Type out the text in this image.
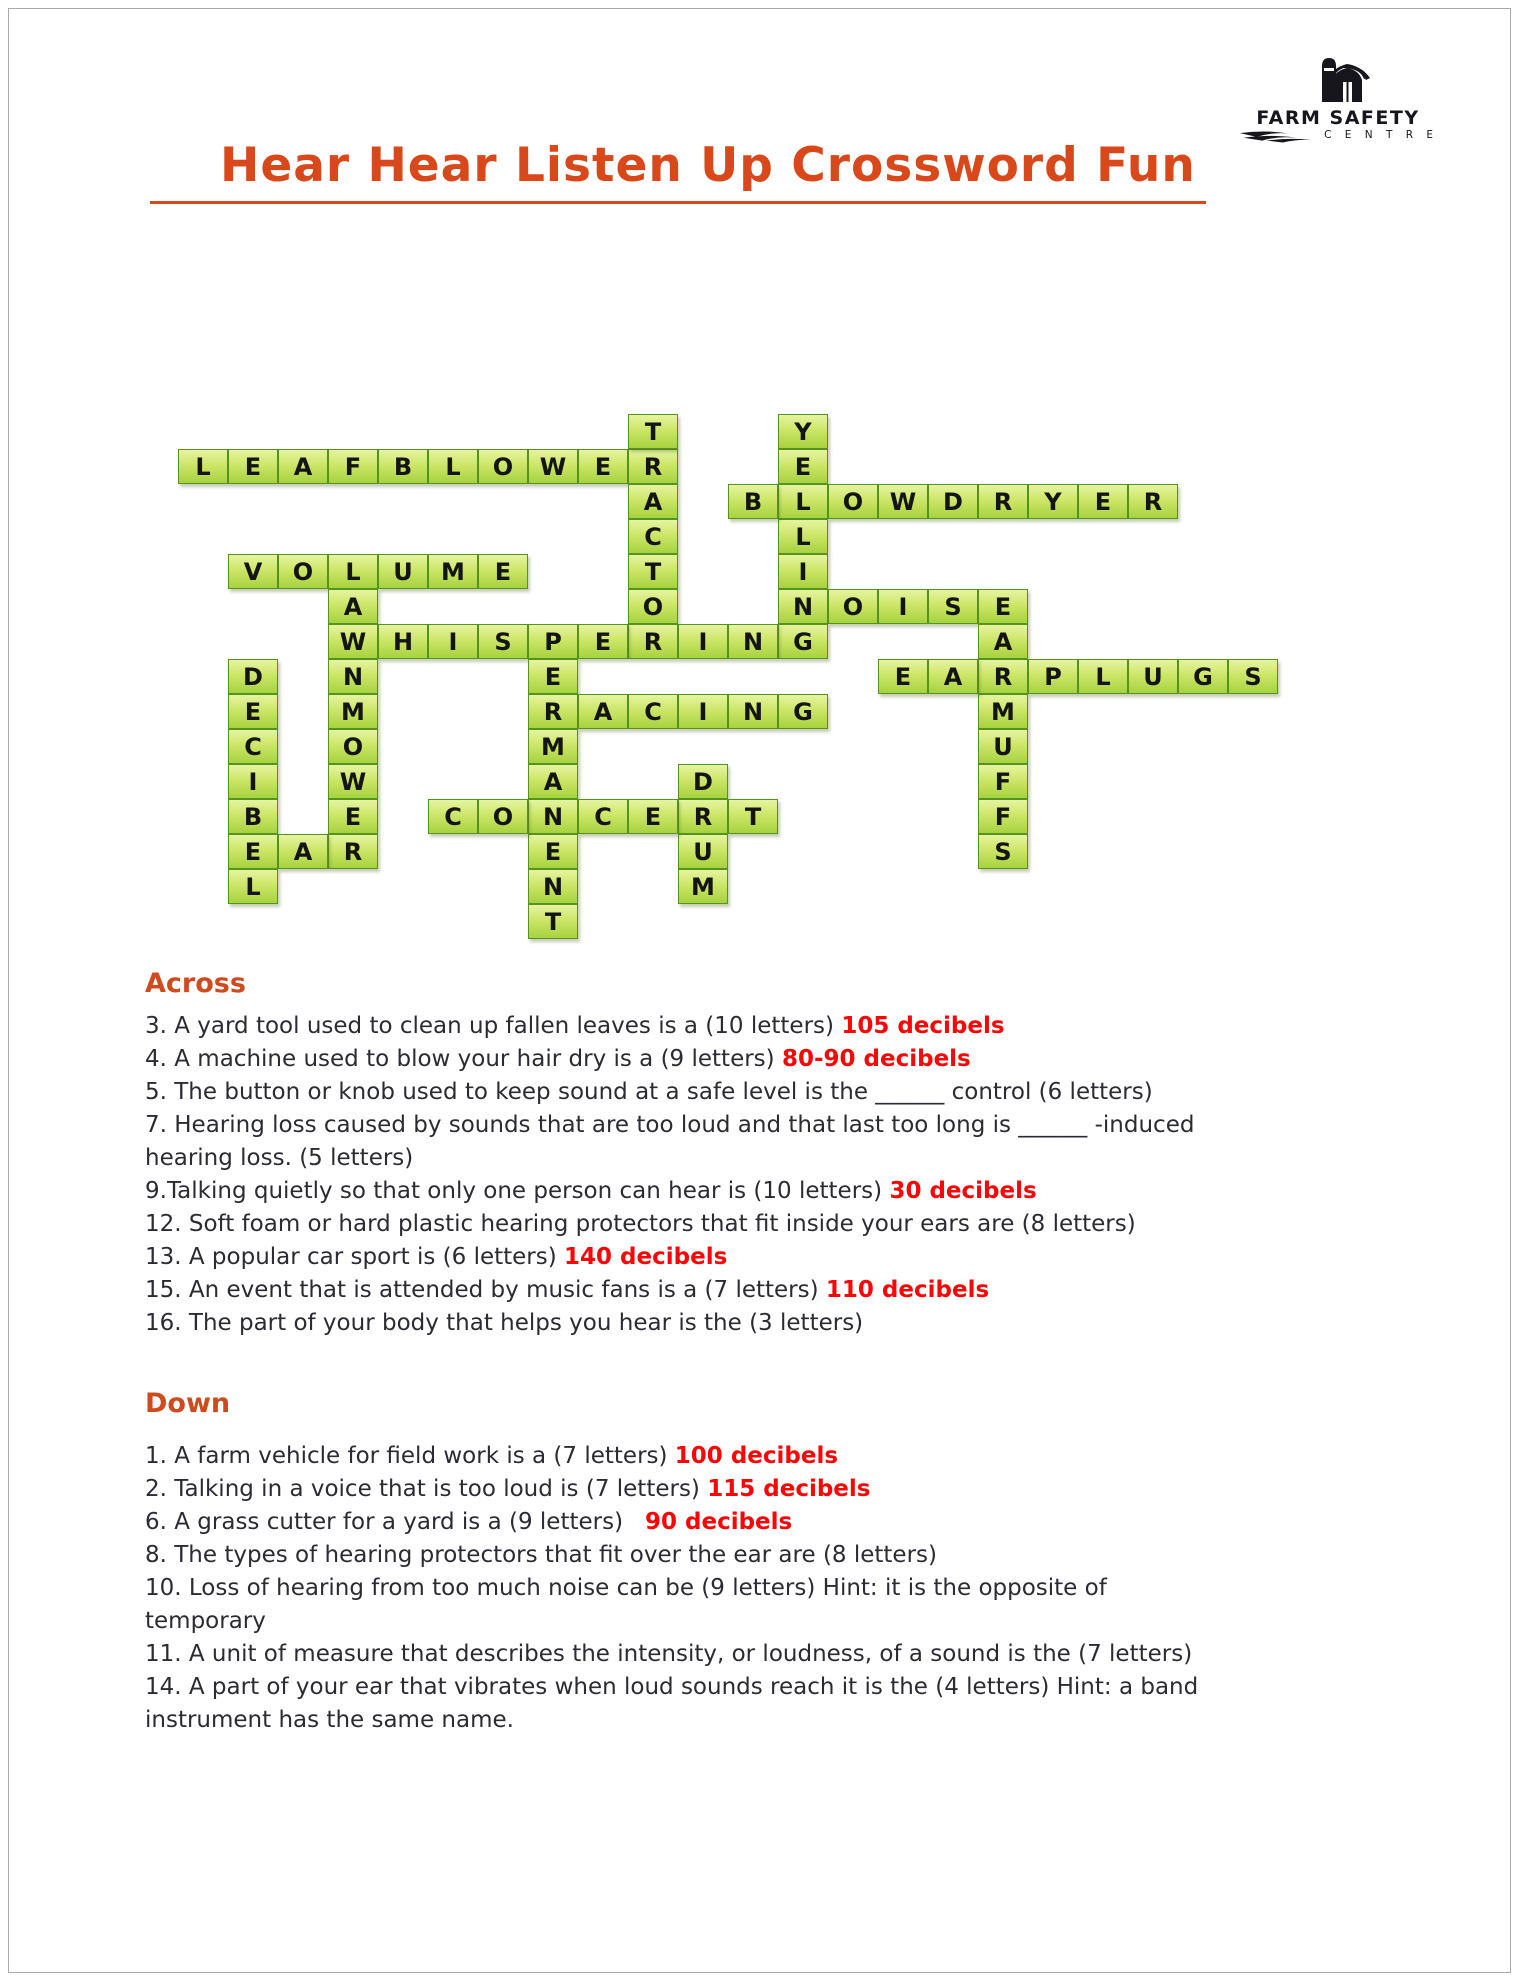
FARM SAFETY
C E N T R E
Hear Hear Listen Up Crossword Fun
L	E	A	F	B	L	O	W	E	R
T
A
C
T
O
R
Y
E
L
L
I
N
G
B	O	W	D	R	Y	E	R
V	O	L	U	M	E
A
W
N
M
O
W
E
R
O	I	S	E
H	I	S	P	E	I	N	A
R
M
U
F
F
S
E
R
M
A
N
E
N
T
D
E
C
I
B
E
L
E	A	P	L	U	G	S
A	C	I	N	G
D
R
U
M
C	O	C	E	T
A
Across
3. A yard tool used to clean up fallen leaves is a (10 letters) 105 decibels
4. A machine used to blow your hair dry is a (9 letters) 80-90 decibels
5. The button or knob used to keep sound at a safe level is the ______ control (6 letters)
7. Hearing loss caused by sounds that are too loud and that last too long is ______ -induced
hearing loss. (5 letters)
9.Talking quietly so that only one person can hear is (10 letters) 30 decibels
12. Soft foam or hard plastic hearing protectors that fit inside your ears are (8 letters)
13. A popular car sport is (6 letters) 140 decibels
15. An event that is attended by music fans is a (7 letters) 110 decibels
16. The part of your body that helps you hear is the (3 letters)
Down
1. A farm vehicle for field work is a (7 letters) 100 decibels
2. Talking in a voice that is too loud is (7 letters) 115 decibels
6. A grass cutter for a yard is a (9 letters)   90 decibels
8. The types of hearing protectors that fit over the ear are (8 letters)
10. Loss of hearing from too much noise can be (9 letters) Hint: it is the opposite of
temporary
11. A unit of measure that describes the intensity, or loudness, of a sound is the (7 letters)
14. A part of your ear that vibrates when loud sounds reach it is the (4 letters) Hint: a band
instrument has the same name.
